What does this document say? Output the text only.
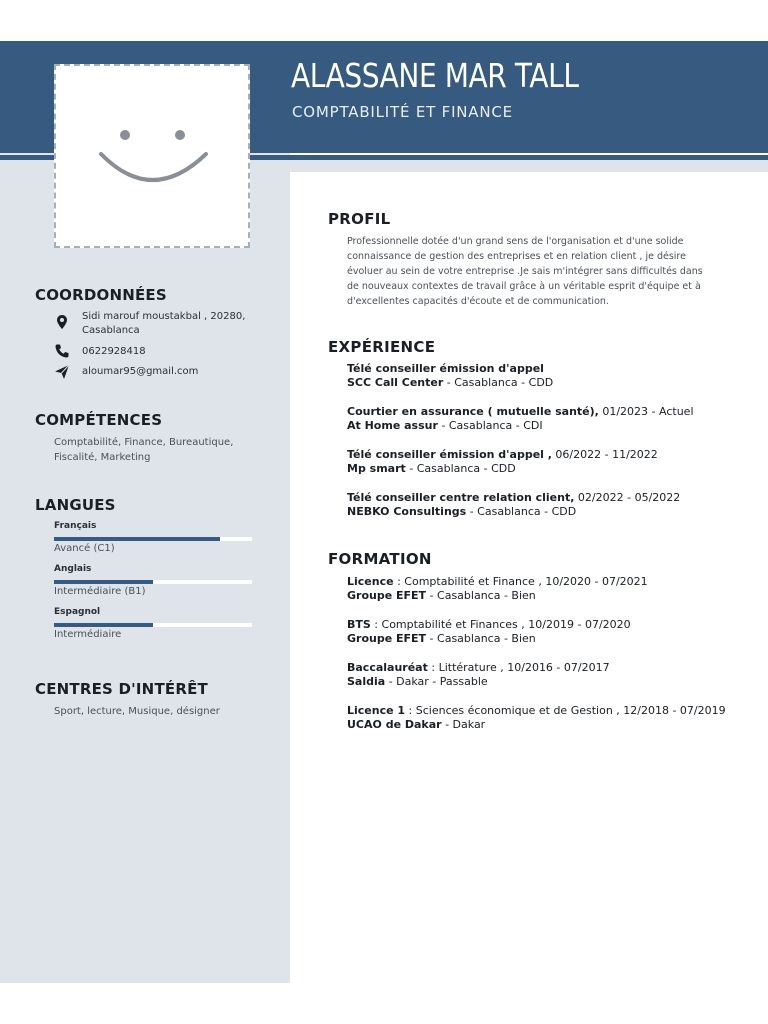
ALASSANE MAR TALL
COMPTABILITÉ ET FINANCE
COORDONNÉES
Sidi marouf moustakbal , 20280, Casablanca
0622928418
aloumar95@gmail.com
COMPÉTENCES
Comptabilité, Finance, Bureautique, Fiscalité, Marketing
LANGUES
Français
Avancé (C1)
Anglais
Intermédiaire (B1)
Espagnol
Intermédiaire
CENTRES D'INTÉRÊT
Sport, lecture, Musique, désigner
PROFIL
Professionnelle dotée d'un grand sens de l'organisation et d'une solide connaissance de gestion des entreprises et en relation client , je désire évoluer au sein de votre entreprise .Je sais m'intégrer sans difficultés dans de nouveaux contextes de travail grâce à un véritable esprit d'équipe et à d'excellentes capacités d'écoute et de communication.
EXPÉRIENCE
Télé conseiller émission d'appel
SCC Call Center - Casablanca - CDD
Courtier en assurance ( mutuelle santé), 01/2023 - Actuel
At Home assur - Casablanca - CDI
Télé conseiller émission d'appel , 06/2022 - 11/2022
Mp smart - Casablanca - CDD
Télé conseiller centre relation client, 02/2022 - 05/2022
NEBKO Consultings - Casablanca - CDD
FORMATION
Licence : Comptabilité et Finance , 10/2020 - 07/2021
Groupe EFET - Casablanca - Bien
BTS : Comptabilité et Finances , 10/2019 - 07/2020
Groupe EFET - Casablanca - Bien
Baccalauréat : Littérature , 10/2016 - 07/2017
Saldia - Dakar - Passable
Licence 1 : Sciences économique et de Gestion , 12/2018 - 07/2019
UCAO de Dakar - Dakar
